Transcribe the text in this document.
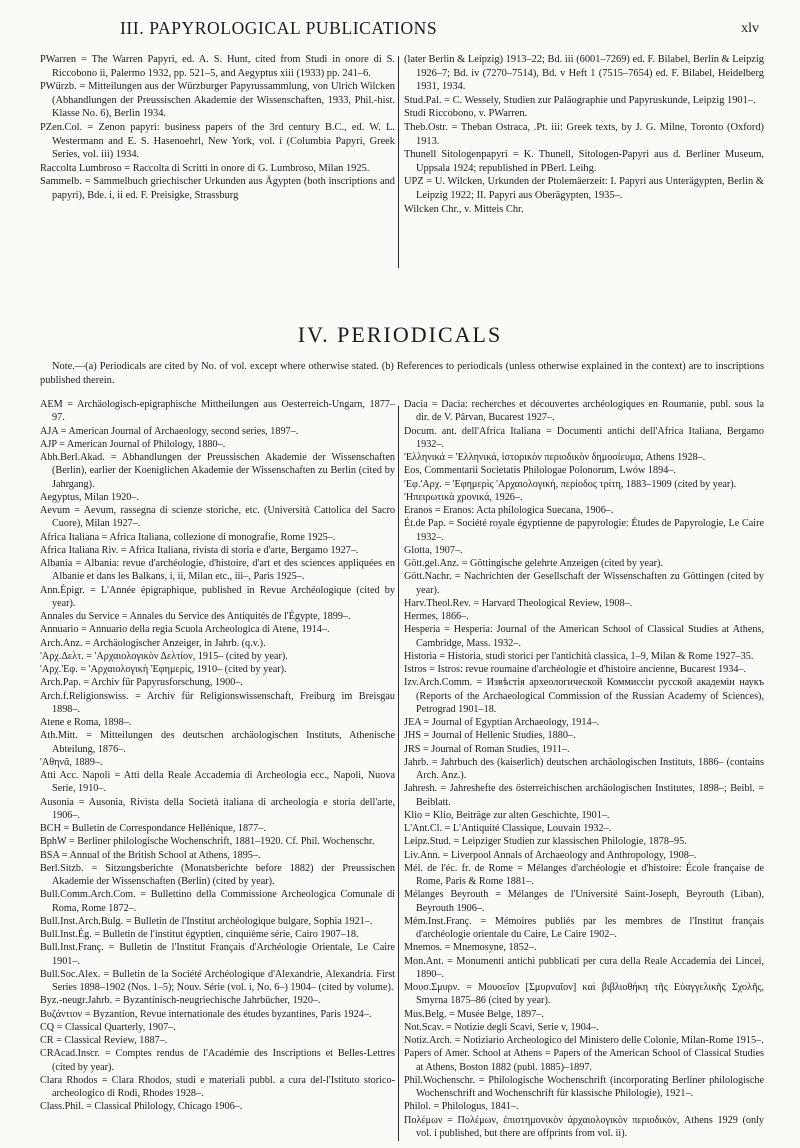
III. PAPYROLOGICAL PUBLICATIONS	xlv

PWarren = The Warren Papyri, ed. A. S. Hunt, cited from Studi in onore di S. Riccobono ii, Palermo 1932, pp. 521–5, and Aegyptus xiii (1933) pp. 241–6.

PWürzb. = Mitteilungen aus der Würzburger Papyrussammlung, von Ulrich Wilcken (Abhandlungen der Preussischen Akademie der Wissenschaften, 1933, Phil.-hist. Klasse No. 6), Berlin 1934.

PZen.Col. = Zenon papyri: business papers of the 3rd century B.C., ed. W. L. Westermann and E. S. Hasenoehrl, New York, vol. i (Columbia Papyri, Greek Series, vol. iii) 1934.

Raccolta Lumbroso = Raccolta di Scritti in onore di G. Lumbroso, Milan 1925.

Sammelb. = Sammelbuch griechischer Urkunden aus Ägypten (both inscriptions and papyri), Bde. i, ii ed. F. Preisigke, Strassburg

(later Berlin & Leipzig) 1913–22; Bd. iii (6001–7269) ed. F. Bilabel, Berlin & Leipzig 1926–7; Bd. iv (7270–7514), Bd. v Heft 1 (7515–7654) ed. F. Bilabel, Heidelberg 1931, 1934.

Stud.Pal. = C. Wessely, Studien zur Paläographie und Papyruskunde, Leipzig 1901–.

Studi Riccobono, v. PWarren.

Theb.Ostr. = Theban Ostraca, .Pt. iii: Greek texts, by J. G. Milne, Toronto (Oxford) 1913.

Thunell Sitologenpapyri = K. Thunell, Sitologen-Papyri aus d. Berliner Museum, Uppsala 1924; republished in PBerl. Leihg.

UPZ = U. Wilcken, Urkunden der Ptolemäerzeit: I. Papyri aus Unterägypten, Berlin & Leipzig 1922; II. Papyri aus Oberägypten, 1935–.

Wilcken Chr., v. Mitteis Chr.

IV. PERIODICALS

Note.—(a) Periodicals are cited by No. of vol. except where otherwise stated. (b) References to periodicals (unless otherwise explained in the context) are to inscriptions published therein.

AEM = Archäologisch-epigraphische Mittheilungen aus Oesterreich-Ungarn, 1877–97.

AJA = American Journal of Archaeology, second series, 1897–.

AJP = American Journal of Philology, 1880–.

Abh.Berl.Akad. = Abhandlungen der Preussischen Akademie der Wissenschaften (Berlin), earlier der Koeniglichen Akademie der Wissenschaften zu Berlin (cited by Jahrgang).

Aegyptus, Milan 1920–.

Aevum = Aevum, rassegna di scienze storiche, etc. (Università Cattolica del Sacro Cuore), Milan 1927–.

Africa Italiana = Africa Italiana, collezione di monografie, Rome 1925–.

Africa Italiana Riv. = Africa Italiana, rivista di storia e d'arte, Bergamo 1927–.

Albania = Albania: revue d'archéologie, d'histoire, d'art et des sciences appliquées en Albanie et dans les Balkans, i, ii, Milan etc., iii–, Paris 1925–.

Ann.Épigr. = L'Année épigraphique, published in Revue Archéologique (cited by year).

Annales du Service = Annales du Service des Antiquités de l'Égypte, 1899–.

Annuario = Annuario della regia Scuola Archeologica di Atene, 1914–.

Arch.Anz. = Archäologischer Anzeiger, in Jahrb. (q.v.).

'Αρχ.Δελτ. = 'Αρχαιολογικὸν Δελτίον, 1915– (cited by year).

'Αρχ.'Εφ. = 'Αρχαιολογικὴ 'Εφημερίς, 1910– (cited by year).

Arch.Pap. = Archiv für Papyrusforschung, 1900–.

Arch.f.Religionswiss. = Archiv für Religionswissenschaft, Freiburg im Breisgau 1898–.

Atene e Roma, 1898–.

Ath.Mitt. = Mitteilungen des deutschen archäologischen Instituts, Athenische Abteilung, 1876–.

'Αθηνᾶ, 1889–.

Atti Acc. Napoli = Atti della Reale Accademia di Archeologia ecc., Napoli, Nuova Serie, 1910–.

Ausonia = Ausonia, Rivista della Società italiana di archeologia e storia dell'arte, 1906–.

BCH = Bulletin de Correspondance Hellénique, 1877–.

BphW = Berliner philologische Wochenschrift, 1881–1920. Cf. Phil. Wochenschr.

BSA = Annual of the British School at Athens, 1895–.

Berl.Sitzb. = Sitzungsberichte (Monatsberichte before 1882) der Preussischen Akademie der Wissenschaften (Berlin) (cited by year).

Bull.Comm.Arch.Com. = Bullettino della Commissione Archeologica Comunale di Roma, Rome 1872–.

Bull.Inst.Arch.Bulg. = Bulletin de l'Institut archéologique bulgare, Sophia 1921–.

Bull.Inst.Ég. = Bulletin de l'institut égyptien, cinquième série, Cairo 1907–18.

Bull.Inst.Franç. = Bulletin de l'Institut Français d'Archéologie Orientale, Le Caire 1901–.

Bull.Soc.Alex. = Bulletin de la Société Archéologique d'Alexandrie, Alexandria. First Series 1898–1902 (Nos. 1–5); Nouv. Série (vol. i, No. 6–) 1904– (cited by volume).

Byz.-neugr.Jahrb. = Byzantinisch-neugriechische Jahrbücher, 1920–.

Βυζάντιον = Byzantion, Revue internationale des études byzantines, Paris 1924–.

CQ = Classical Quarterly, 1907–.

CR = Classical Review, 1887–.

CRAcad.Inscr. = Comptes rendus de l'Académie des Inscriptions et Belles-Lettres (cited by year).

Clara Rhodos = Clara Rhodos, studi e materiali pubbl. a cura del-l'Istituto storico-archeologico di Rodi, Rhodes 1928–.

Class.Phil. = Classical Philology, Chicago 1906–.

Dacia = Dacia: recherches et découvertes archéologiques en Roumanie, publ. sous la dir. de V. Pârvan, Bucarest 1927–.

Docum. ant. dell'Africa Italiana = Documenti antichi dell'Africa Italiana, Bergamo 1932–.

'Ελληνικά = 'Ελληνικά, ἱστορικὸν περιοδικὸν δημοσίευμα, Athens 1928–.

Eos, Commentarii Societatis Philologae Polonorum, Lwów 1894–.

'Εφ.'Αρχ. = 'Εφημερὶς 'Αρχαιολογική, περίοδος τρίτη, 1883–1909 (cited by year).

'Ηπειρωτικὰ χρονικά, 1926–.

Eranos = Eranos: Acta philologica Suecana, 1906–.

Ét.de Pap. = Société royale égyptienne de papyrologie: Études de Papyrologie, Le Caire 1932–.

Glotta, 1907–.

Gött.gel.Anz. = Göttingische gelehrte Anzeigen (cited by year).

Gött.Nachr. = Nachrichten der Gesellschaft der Wissenschaften zu Göttingen (cited by year).

Harv.Theol.Rev. = Harvard Theological Review, 1908–.

Hermes, 1866–.

Hesperia = Hesperia: Journal of the American School of Classical Studies at Athens, Cambridge, Mass. 1932–.

Historia = Historia, studi storici per l'antichità classica, 1–9, Milan & Rome 1927–35.

Istros = Istros: revue roumaine d'archéologie et d'histoire ancienne, Bucarest 1934–.

Izv.Arch.Comm. = Извѣстія археологической Коммиссіи русской академіи наукъ (Reports of the Archaeological Commission of the Russian Academy of Sciences), Petrograd 1901–18.

JEA = Journal of Egyptian Archaeology, 1914–.

JHS = Journal of Hellenic Studies, 1880–.

JRS = Journal of Roman Studies, 1911–.

Jahrb. = Jahrbuch des (kaiserlich) deutschen archäologischen Instituts, 1886– (contains Arch. Anz.).

Jahresh. = Jahreshefte des österreichischen archäologischen Institutes, 1898–; Beibl. = Beiblatt.

Klio = Klio, Beiträge zur alten Geschichte, 1901–.

L'Ant.Cl. = L'Antiquité Classique, Louvain 1932–.

Leipz.Stud. = Leipziger Studien zur klassischen Philologie, 1878–95.

Liv.Ann. = Liverpool Annals of Archaeology and Anthropology, 1908–.

Mél. de l'éc. fr. de Rome = Mélanges d'archéologie et d'histoire: École française de Rome, Paris & Rome 1881–.

Mélanges Beyrouth = Mélanges de l'Université Saint-Joseph, Beyrouth (Liban), Beyrouth 1906–.

Mém.Inst.Franç. = Mémoires publiés par les membres de l'Institut français d'archéologie orientale du Caire, Le Caire 1902–.

Mnemos. = Mnemosyne, 1852–.

Mon.Ant. = Monumenti antichi pubblicati per cura della Reale Accademia dei Lincei, 1890–.

Μουσ.Σμυρν. = Μουσεῖον [Σμυρναῖον] καὶ βιβλιοθήκη τῆς Εὐαγγελικῆς Σχολῆς, Smyrna 1875–86 (cited by year).

Mus.Belg. = Musée Belge, 1897–.

Not.Scav. = Notizie degli Scavi, Serie v, 1904–.

Notiz.Arch. = Notiziario Archeologico del Ministero delle Colonie, Milan-Rome 1915–.

Papers of Amer. School at Athens = Papers of the American School of Classical Studies at Athens, Boston 1882 (publ. 1885)–1897.

Phil.Wochenschr. = Philologische Wochenschrift (incorporating Berliner philologische Wochenschrift and Wochenschrift für klassische Philologie), 1921–.

Philol. = Philologus, 1841–.

Πολέμων = Πολέμων, ἐπιστημονικὸν ἀρχαιολογικὸν περιοδικόν, Athens 1929 (only vol. i published, but there are offprints from vol. ii).
